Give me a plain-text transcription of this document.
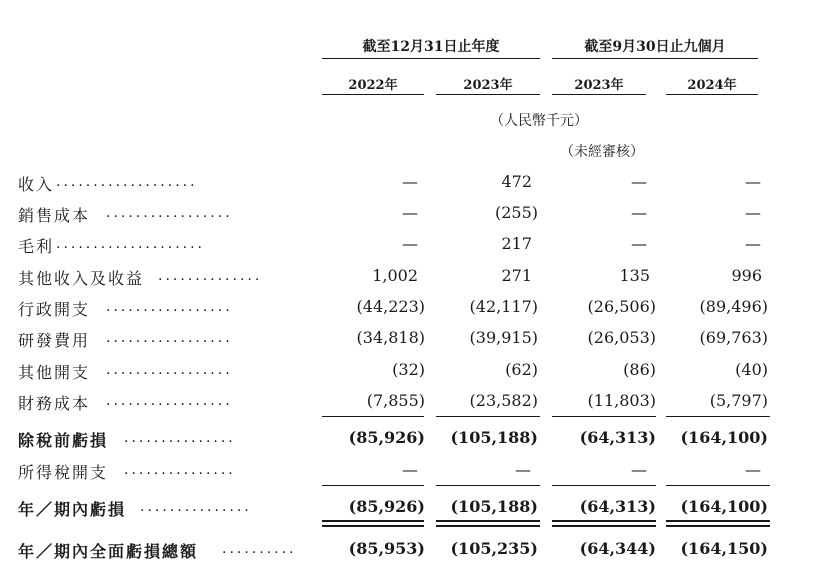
截至12月31日止年度	截至9月30日止九個月
2022年	2023年	2023年	2024年
（人民幣千元）
（未經審核）
收入 ...................	—	472	—	—
銷售成本 .................	—	(255)	—	—
毛利 ....................	—	217	—	—
其他收入及收益 ..............	1,002	271	135	996
行政開支 .................	(44,223)	(42,117)	(26,506)	(89,496)
研發費用 .................	(34,818)	(39,915)	(26,053)	(69,763)
其他開支 .................	(32)	(62)	(86)	(40)
財務成本 .................	(7,855)	(23,582)	(11,803)	(5,797)
除稅前虧損 ...............	(85,926)	(105,188)	(64,313)	(164,100)
所得稅開支 ...............	—	—	—	—
年／期內虧損 ...............	(85,926)	(105,188)	(64,313)	(164,100)
年／期內全面虧損總額 ..........	(85,953)	(105,235)	(64,344)	(164,150)
